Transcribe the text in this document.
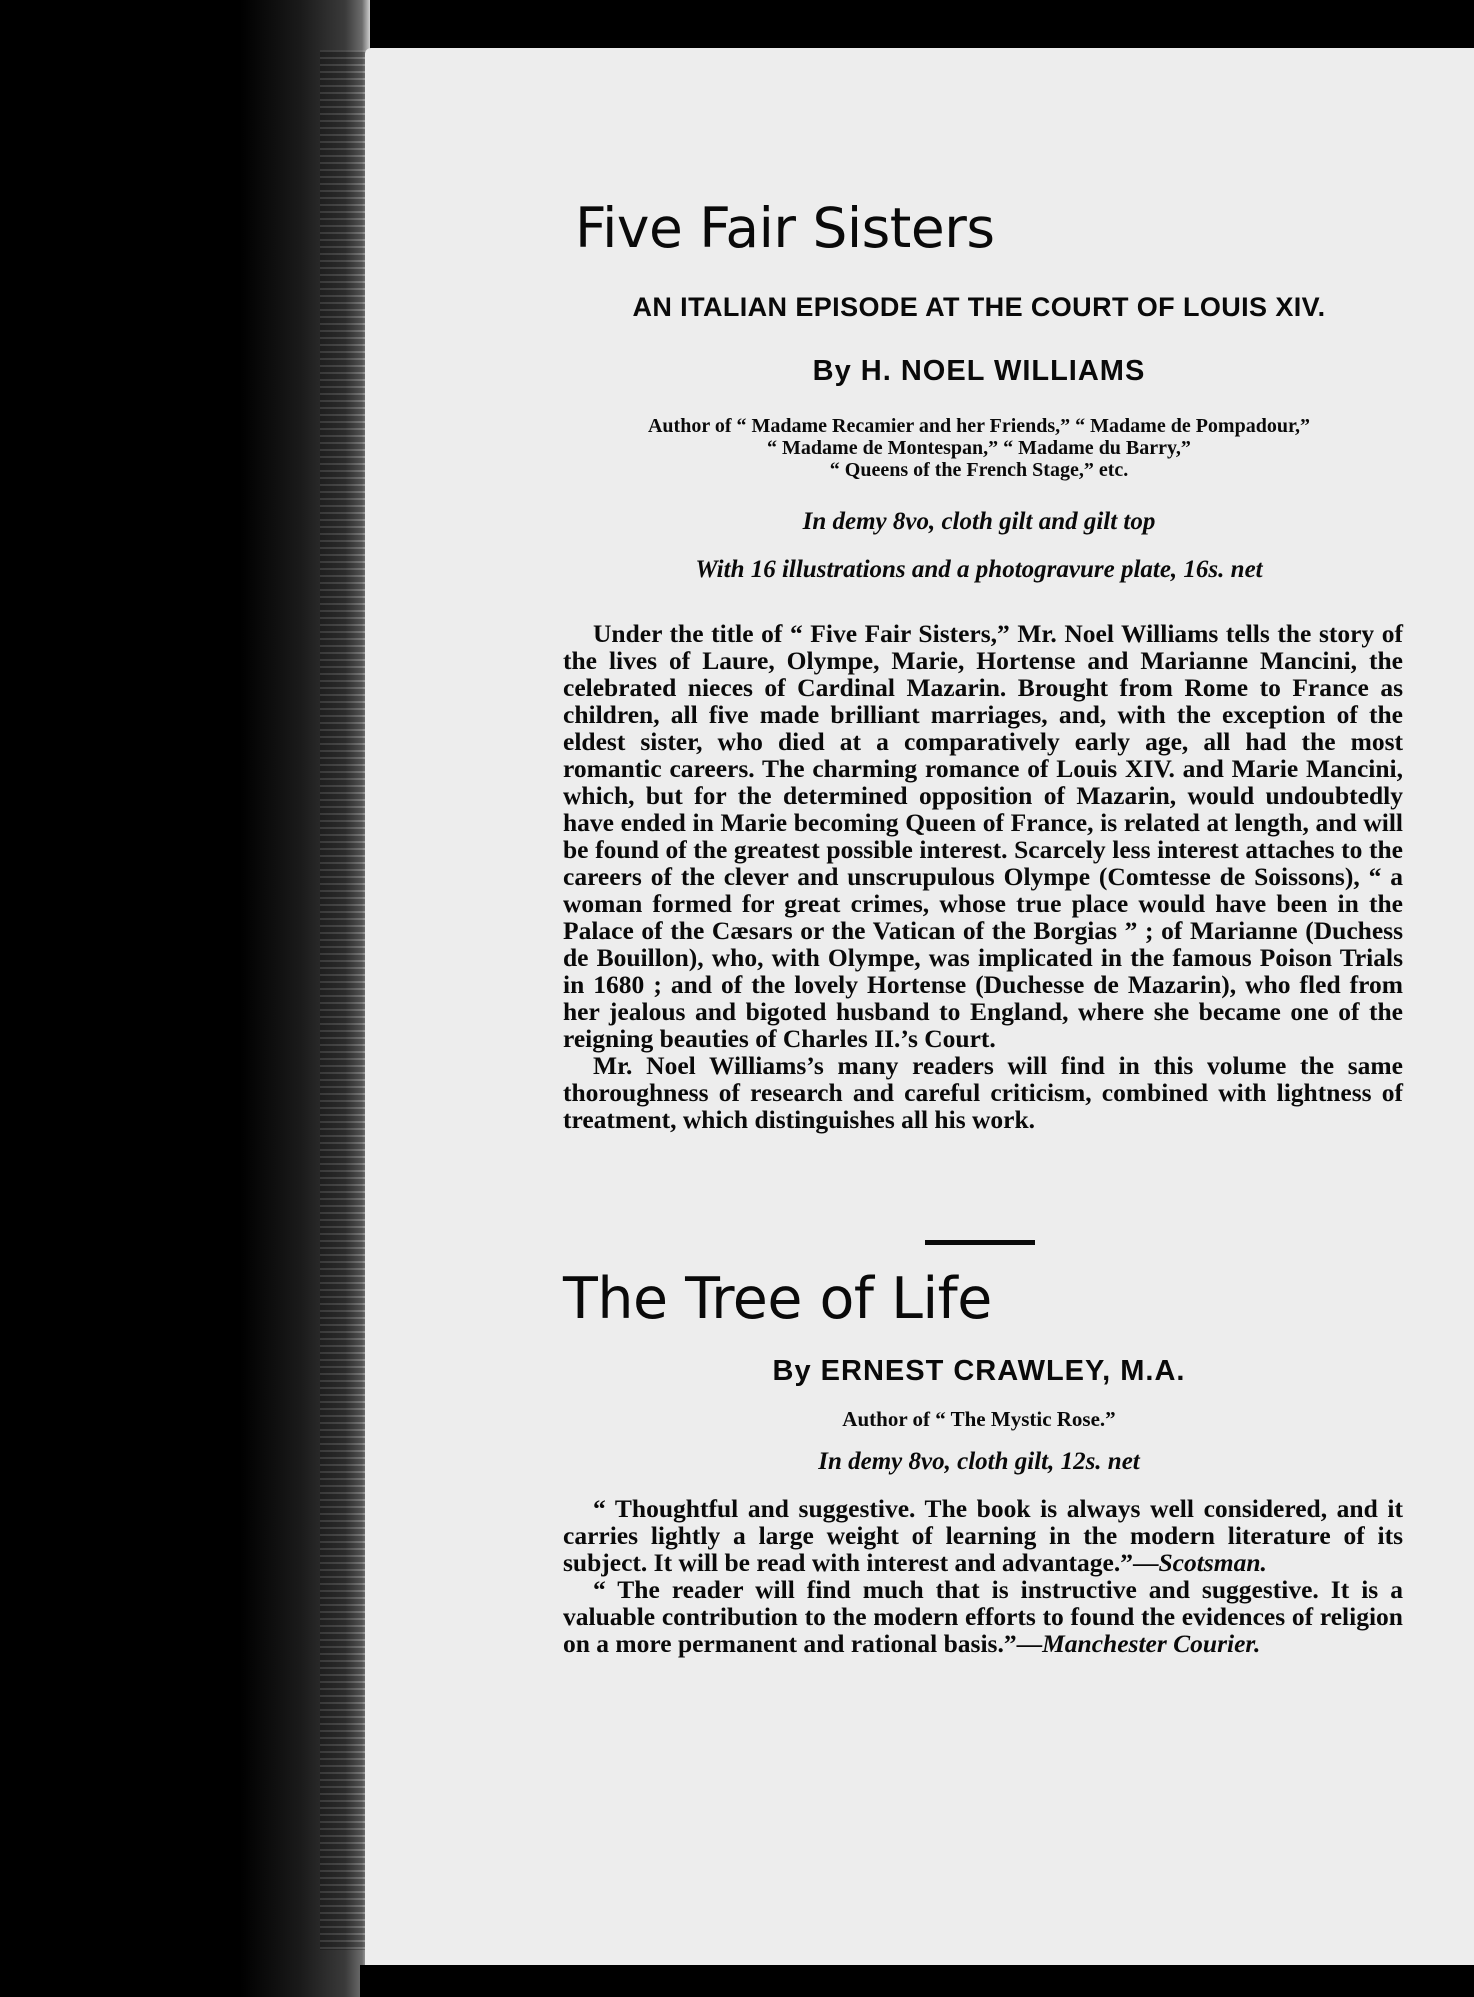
Five Fair Sisters
AN ITALIAN EPISODE AT THE COURT OF LOUIS XIV.
By H. NOEL WILLIAMS
Author of “ Madame Recamier and her Friends,” “ Madame de Pompadour,”
“ Madame de Montespan,” “ Madame du Barry,”
“ Queens of the French Stage,” etc.
In demy 8vo, cloth gilt and gilt top
With 16 illustrations and a photogravure plate, 16s. net

Under the title of “ Five Fair Sisters,” Mr. Noel Williams tells the story of the lives of Laure, Olympe, Marie, Hortense and Marianne Mancini, the celebrated nieces of Cardinal Mazarin. Brought from Rome to France as children, all five made brilliant marriages, and, with the exception of the eldest sister, who died at a comparatively early age, all had the most romantic careers. The charming romance of Louis XIV. and Marie Mancini, which, but for the determined opposition of Mazarin, would undoubtedly have ended in Marie becoming Queen of France, is related at length, and will be found of the greatest possible interest. Scarcely less interest attaches to the careers of the clever and unscrupulous Olympe (Comtesse de Soissons), “ a woman formed for great crimes, whose true place would have been in the Palace of the Cæsars or the Vatican of the Borgias ” ; of Marianne (Duchess de Bouillon), who, with Olympe, was implicated in the famous Poison Trials in 1680 ; and of the lovely Hortense (Duchesse de Mazarin), who fled from her jealous and bigoted husband to England, where she became one of the reigning beauties of Charles II.’s Court.

Mr. Noel Williams’s many readers will find in this volume the same thoroughness of research and careful criticism, combined with lightness of treatment, which distinguishes all his work.

The Tree of Life
By ERNEST CRAWLEY, M.A.
Author of “ The Mystic Rose.”
In demy 8vo, cloth gilt, 12s. net

“ Thoughtful and suggestive. The book is always well considered, and it carries lightly a large weight of learning in the modern literature of its subject. It will be read with interest and advantage.”—Scotsman.

“ The reader will find much that is instructive and suggestive. It is a valuable contribution to the modern efforts to found the evidences of religion on a more permanent and rational basis.”—Manchester Courier.
